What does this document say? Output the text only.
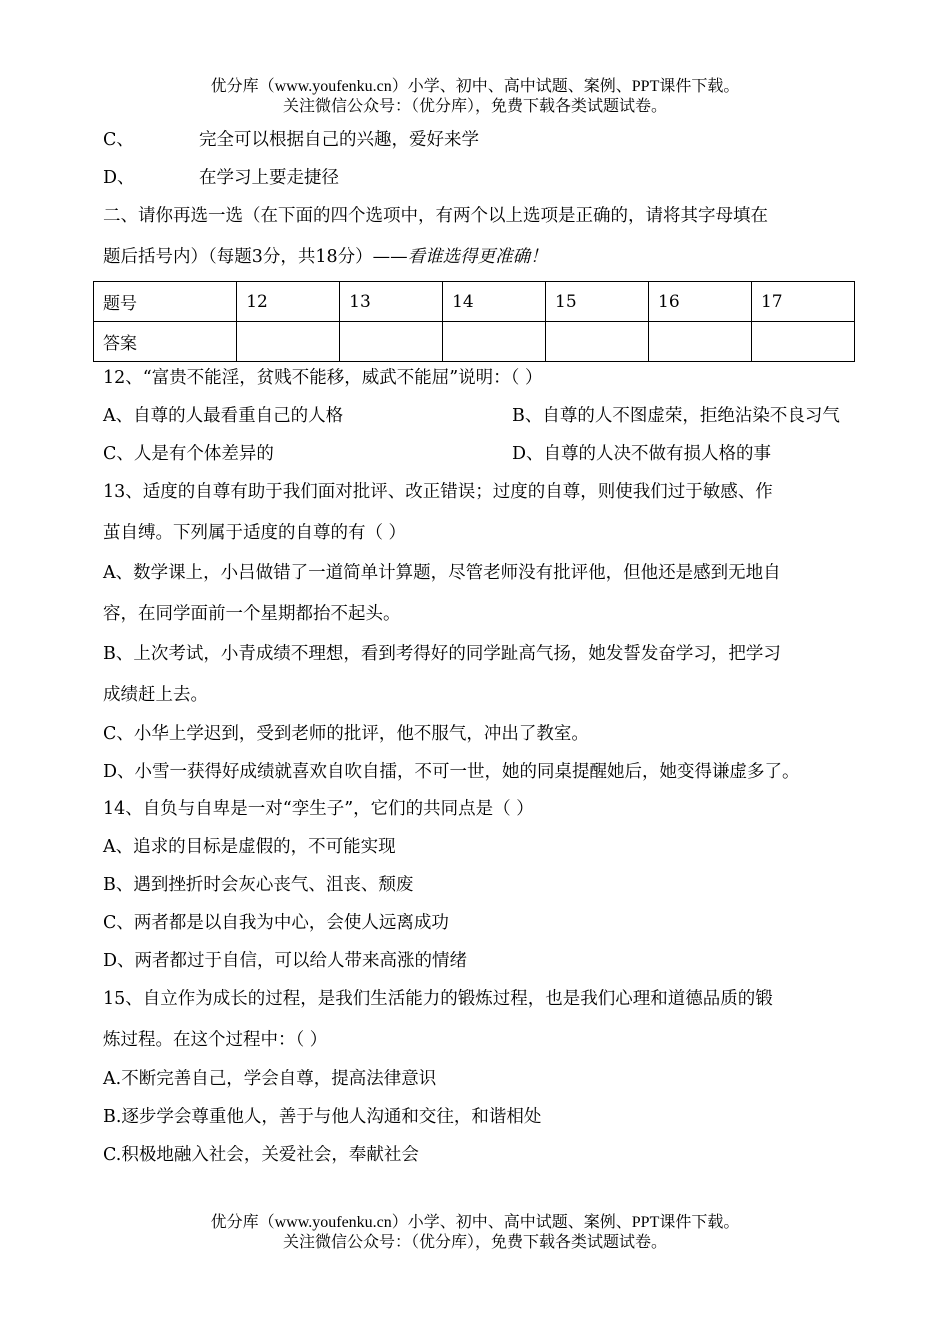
优分库（www.youfenku.cn）小学、初中、高中试题、案例、PPT课件下载。
关注微信公众号：（优分库），免费下载各类试题试卷。
C、	完全可以根据自己的兴趣，爱好来学
D、	在学习上要走捷径
二、请你再选一选（在下面的四个选项中，有两个以上选项是正确的，请将其字母填在
题后括号内）（每题3分，共18分）——看谁选得更准确！
题号	12	13	14	15	16	17
答案						
12、“富贵不能淫，贫贱不能移，威武不能屈”说明：（ ）
A、自尊的人最看重自己的人格	B、自尊的人不图虚荣，拒绝沾染不良习气
C、人是有个体差异的	D、自尊的人决不做有损人格的事
13、适度的自尊有助于我们面对批评、改正错误；过度的自尊，则使我们过于敏感、作
茧自缚。下列属于适度的自尊的有（ ）
A、数学课上，小吕做错了一道简单计算题，尽管老师没有批评他，但他还是感到无地自
容，在同学面前一个星期都抬不起头。
B、上次考试，小青成绩不理想，看到考得好的同学趾高气扬，她发誓发奋学习，把学习
成绩赶上去。
C、小华上学迟到，受到老师的批评，他不服气，冲出了教室。
D、小雪一获得好成绩就喜欢自吹自擂，不可一世，她的同桌提醒她后，她变得谦虚多了。
14、自负与自卑是一对“孪生子”，它们的共同点是（ ）
A、追求的目标是虚假的，不可能实现
B、遇到挫折时会灰心丧气、沮丧、颓废
C、两者都是以自我为中心，会使人远离成功
D、两者都过于自信，可以给人带来高涨的情绪
15、自立作为成长的过程，是我们生活能力的锻炼过程，也是我们心理和道德品质的锻
炼过程。在这个过程中：（ ）
A.不断完善自己，学会自尊，提高法律意识
B.逐步学会尊重他人，善于与他人沟通和交往，和谐相处
C.积极地融入社会，关爱社会，奉献社会
优分库（www.youfenku.cn）小学、初中、高中试题、案例、PPT课件下载。
关注微信公众号：（优分库），免费下载各类试题试卷。
